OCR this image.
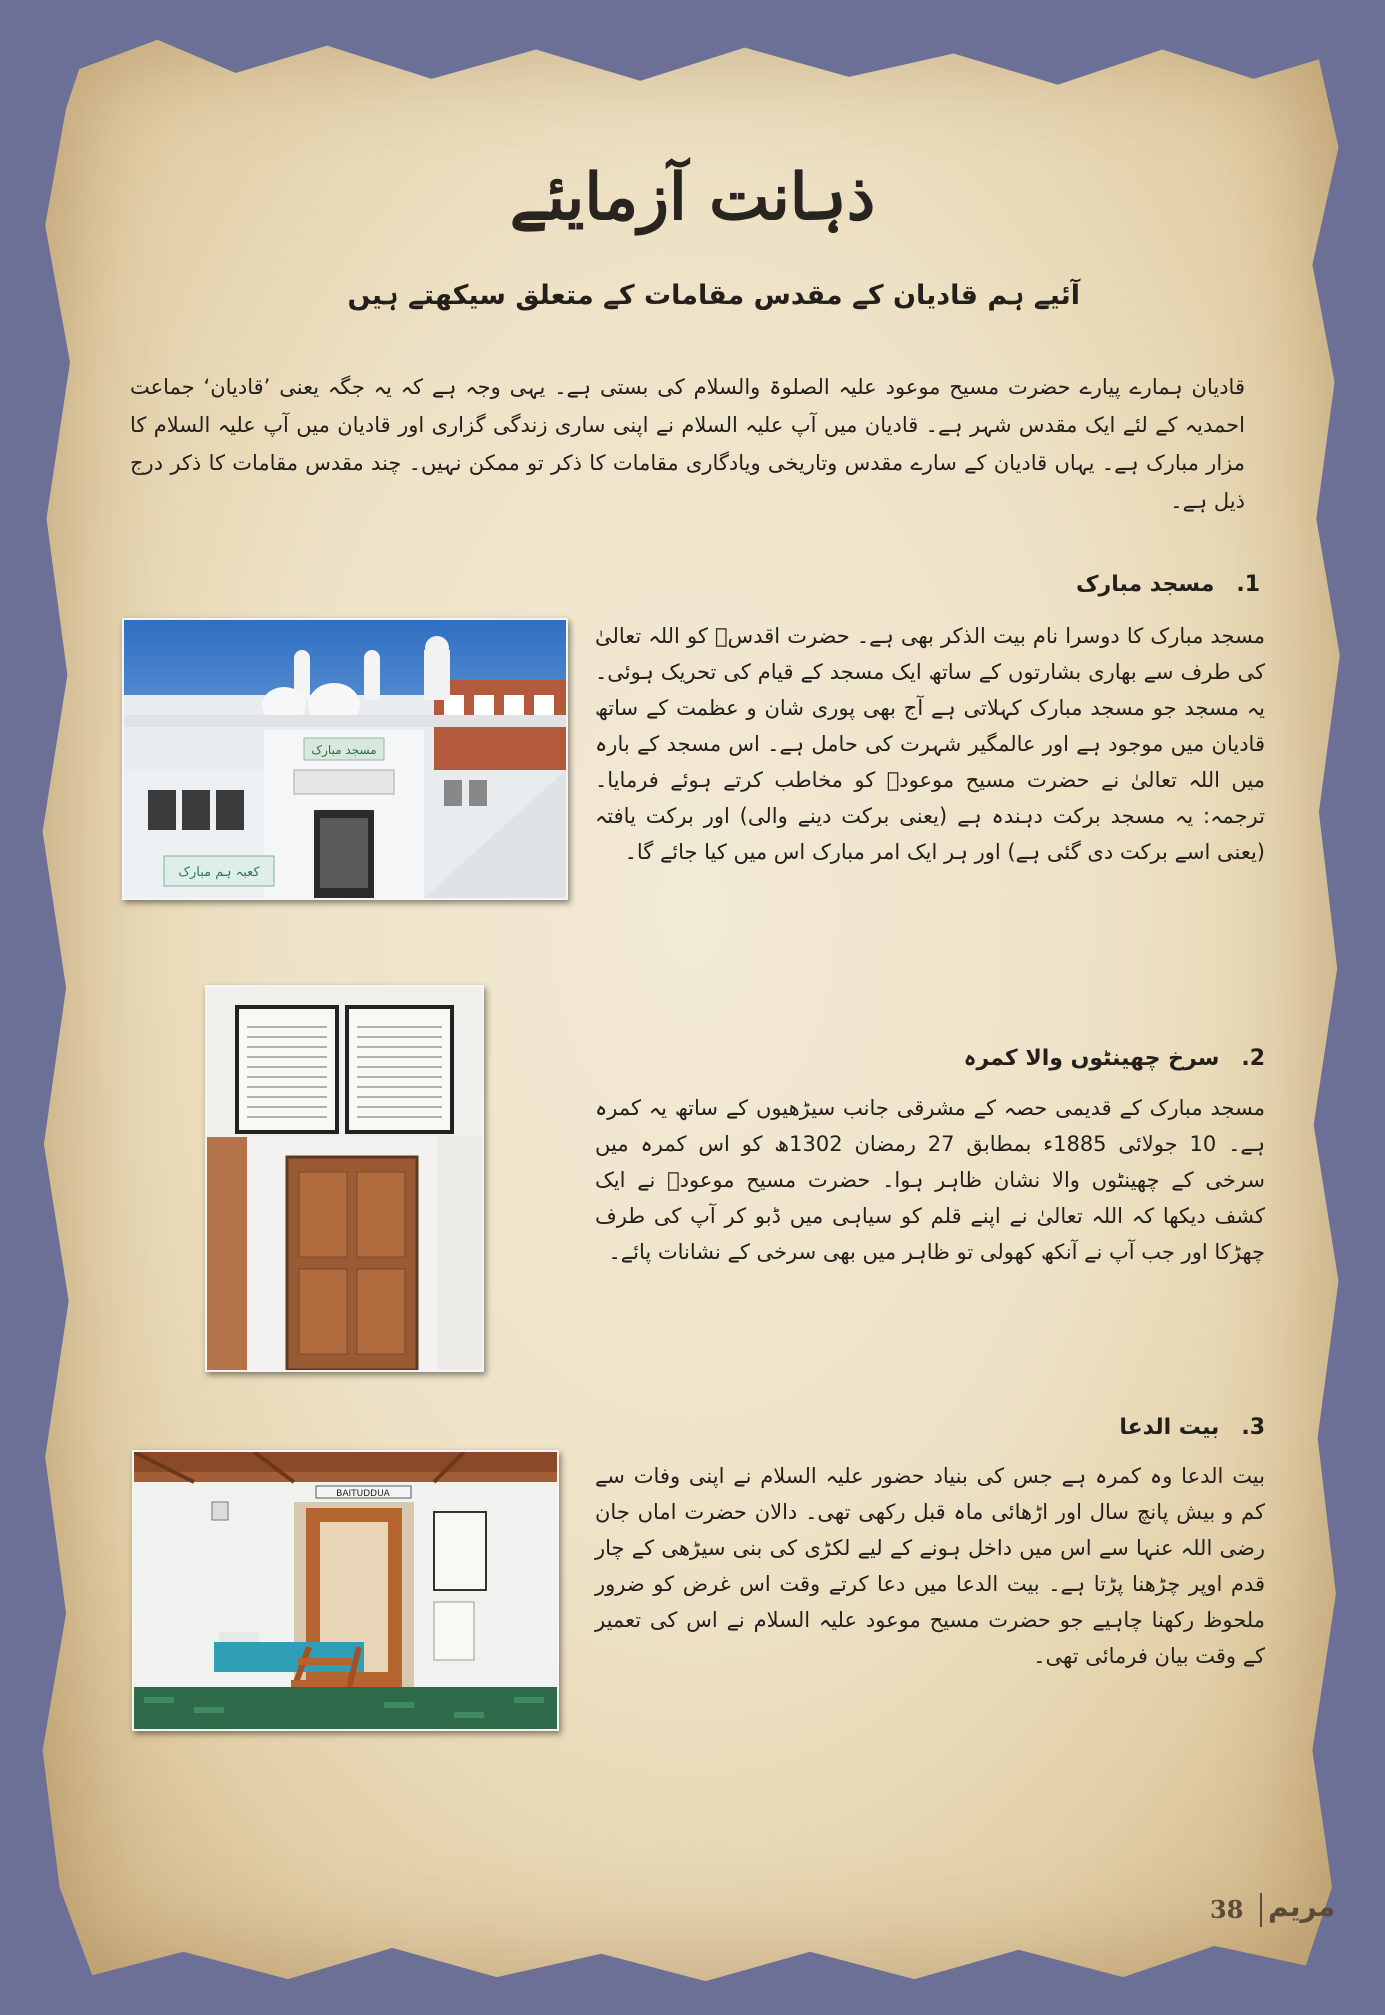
ذہانت آزمایئے
آئیے ہم قادیان کے مقدس مقامات کے متعلق سیکھتے ہیں
قادیان ہمارے پیارے حضرت مسیح موعود علیہ الصلوۃ والسلام کی بستی ہے۔ یہی وجہ ہے کہ یہ جگہ یعنی ’قادیان‘ جماعت احمدیہ کے لئے ایک مقدس شہر ہے۔ قادیان میں آپ علیہ السلام نے اپنی ساری زندگی گزاری اور قادیان میں آپ علیہ السلام کا مزار مبارک ہے۔ یہاں قادیان کے سارے مقدس وتاریخی ویادگاری مقامات کا ذکر تو ممکن نہیں۔ چند مقدس مقامات کا ذکر درج ذیل ہے۔
1.مسجد مبارک
مسجد مبارک کا دوسرا نام بیت الذکر بھی ہے۔ حضرت اقدسؑ کو اللہ تعالیٰ کی طرف سے بھاری بشارتوں کے ساتھ ایک مسجد کے قیام کی تحریک ہوئی۔ یہ مسجد جو مسجد مبارک کہلاتی ہے آج بھی پوری شان و عظمت کے ساتھ قادیان میں موجود ہے اور عالمگیر شہرت کی حامل ہے۔ اس مسجد کے بارہ میں اللہ تعالیٰ نے حضرت مسیح موعودؑ کو مخاطب کرتے ہوئے فرمایا۔ ترجمہ: یہ مسجد برکت دہندہ ہے (یعنی برکت دینے والی) اور برکت یافتہ (یعنی اسے برکت دی گئی ہے) اور ہر ایک امر مبارک اس میں کیا جائے گا۔
مسجد مبارک
کعبہ ہم مبارک
2.سرخ چھینٹوں والا کمرہ
مسجد مبارک کے قدیمی حصہ کے مشرقی جانب سیڑھیوں کے ساتھ یہ کمرہ ہے۔ 10 جولائی 1885ء بمطابق 27 رمضان 1302ھ کو اس کمرہ میں سرخی کے چھینٹوں والا نشان ظاہر ہوا۔ حضرت مسیح موعودؑ نے ایک کشف دیکھا کہ اللہ تعالیٰ نے اپنے قلم کو سیاہی میں ڈبو کر آپ کی طرف چھڑکا اور جب آپ نے آنکھ کھولی تو ظاہر میں بھی سرخی کے نشانات پائے۔
3.بیت الدعا
بیت الدعا وہ کمرہ ہے جس کی بنیاد حضور علیہ السلام نے اپنی وفات سے کم و بیش پانچ سال اور اڑھائی ماہ قبل رکھی تھی۔ دالان حضرت اماں جان رضی اللہ عنہا سے اس میں داخل ہونے کے لیے لکڑی کی بنی سیڑھی کے چار قدم اوپر چڑھنا پڑتا ہے۔ بیت الدعا میں دعا کرتے وقت اس غرض کو ضرور ملحوظ رکھنا چاہیے جو حضرت مسیح موعود علیہ السلام نے اس کی تعمیر کے وقت بیان فرمائی تھی۔
BAITUDDUA
38 مریم
